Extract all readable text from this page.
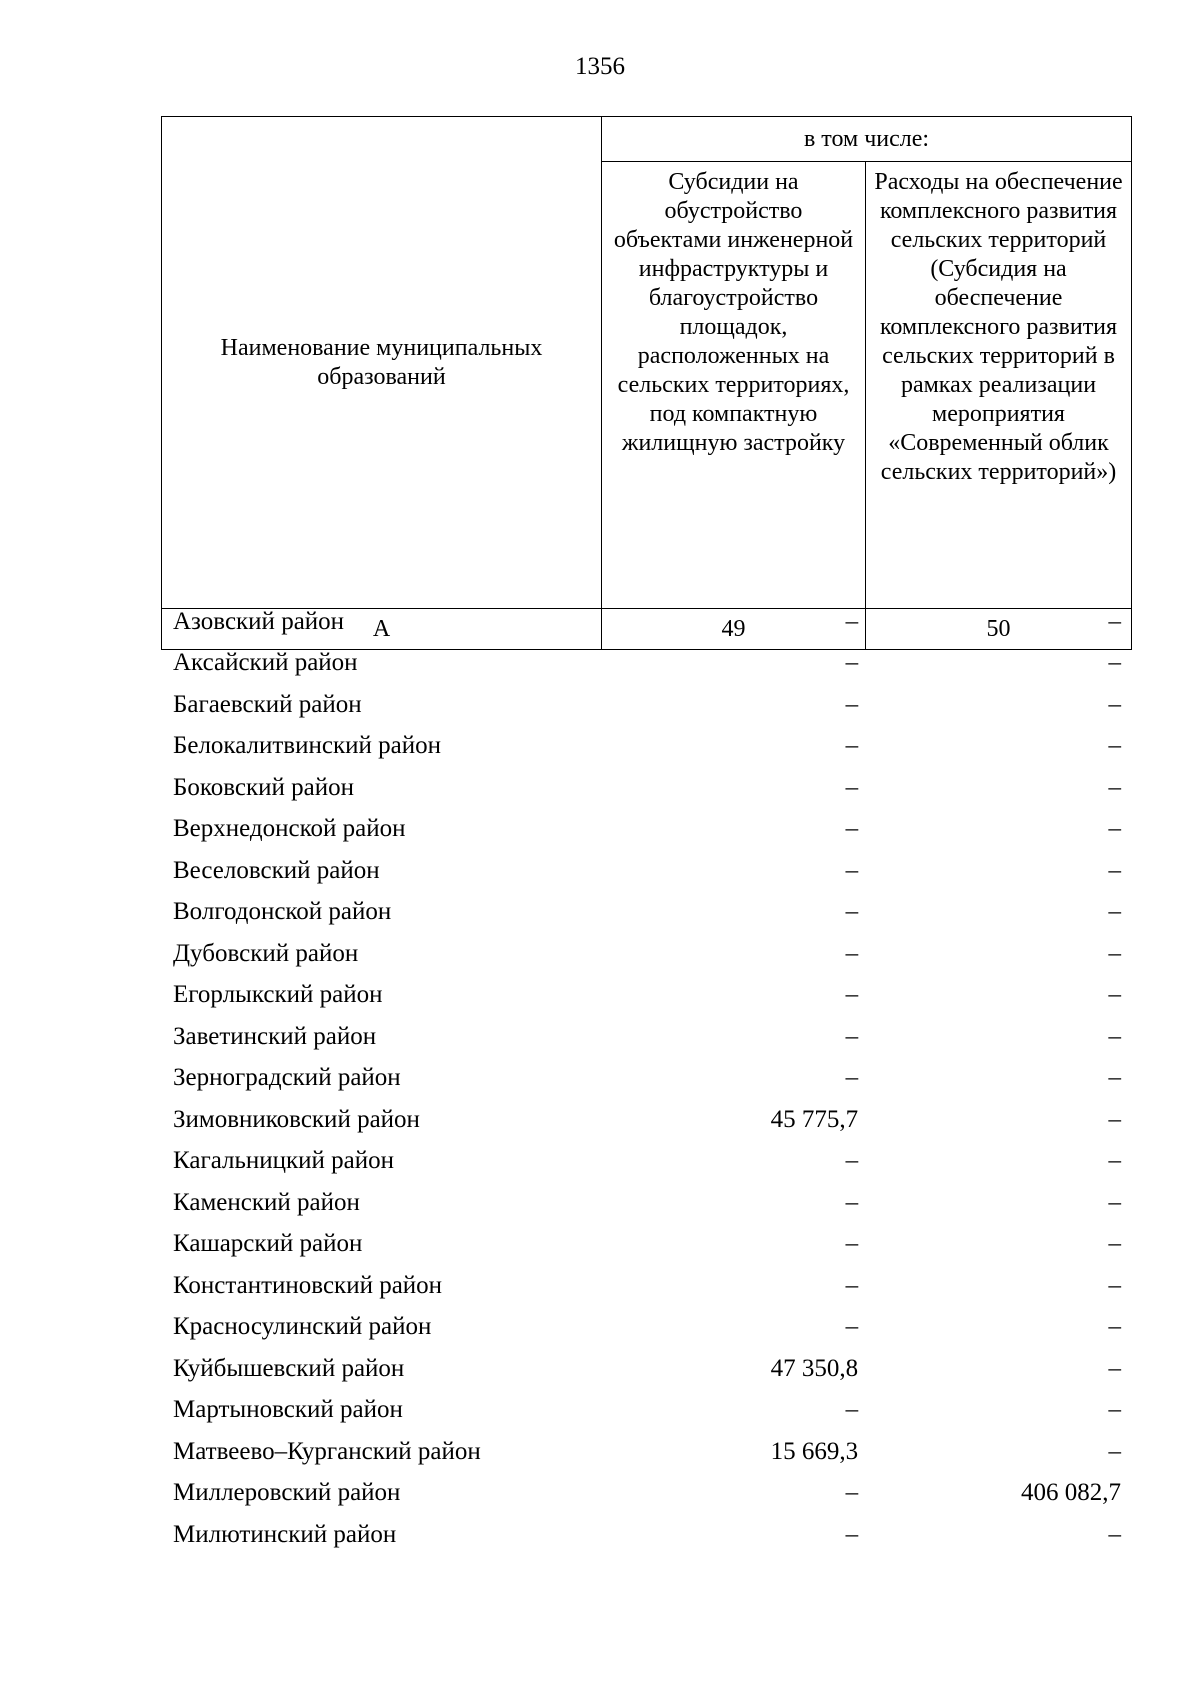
1356
Наименование муниципальных образований	в том числе:	
	Субсидии на обустройство объектами инженерной инфраструктуры и благоустройство площадок, расположенных на сельских территориях, под компактную жилищную застройку	Расходы на обеспечение комплексного развития сельских территорий (Субсидия на обеспечение комплексного развития сельских территорий в рамках реализации мероприятия «Современный облик сельских территорий»)
А	49	50
Азовский район	–	–
Аксайский район	–	–
Багаевский район	–	–
Белокалитвинский район	–	–
Боковский район	–	–
Верхнедонской район	–	–
Веселовский район	–	–
Волгодонской район	–	–
Дубовский район	–	–
Егорлыкский район	–	–
Заветинский район	–	–
Зерноградский район	–	–
Зимовниковский район	45 775,7	–
Кагальницкий район	–	–
Каменский район	–	–
Кашарский район	–	–
Константиновский район	–	–
Красносулинский район	–	–
Куйбышевский район	47 350,8	–
Мартыновский район	–	–
Матвеево–Курганский район	15 669,3	–
Миллеровский район	–	406 082,7
Милютинский район	–	–
